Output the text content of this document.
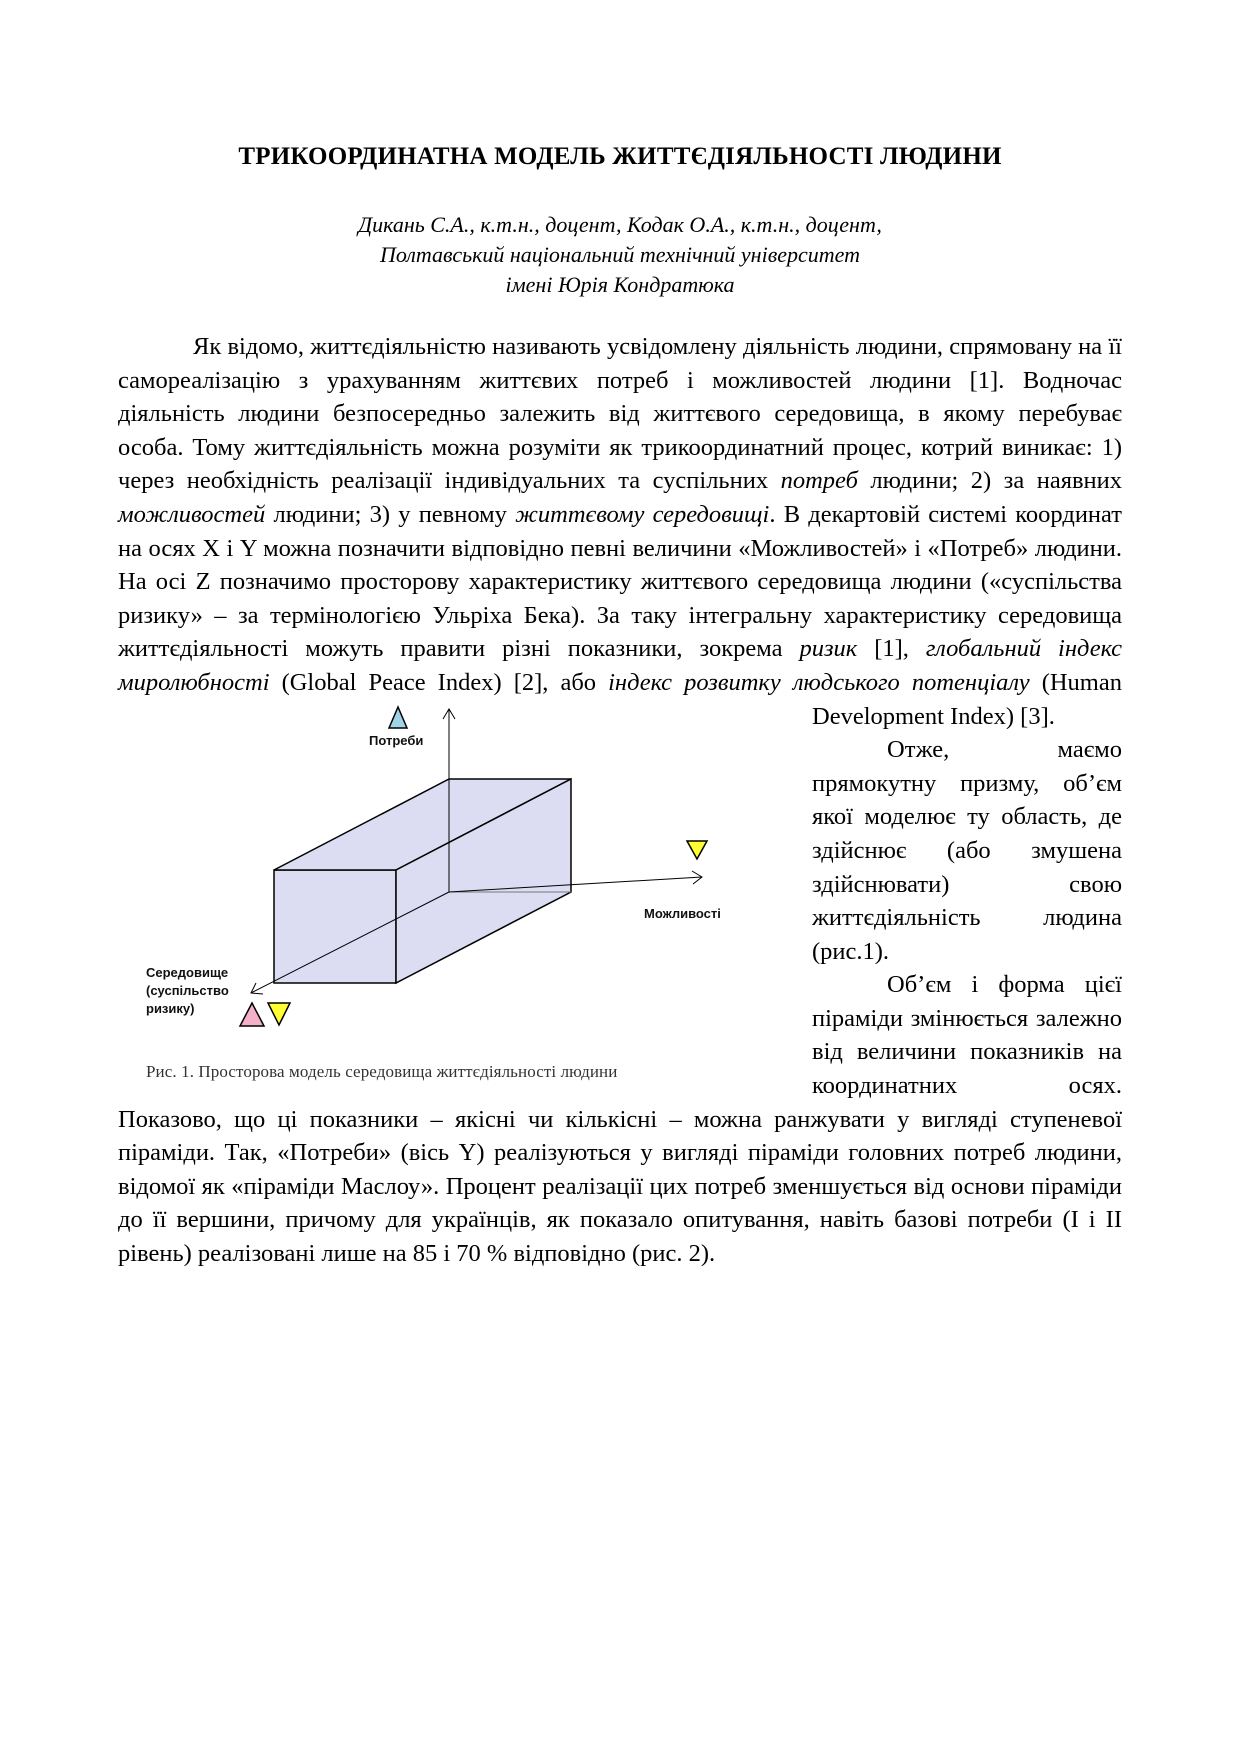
ТРИКООРДИНАТНА МОДЕЛЬ ЖИТТЄДІЯЛЬНОСТІ ЛЮДИНИ
Дикань С.А., к.т.н., доцент, Кодак О.А., к.т.н., доцент,
Полтавський національний технічний університет
імені Юрія Кондратюка

Як відомо, життєдіяльністю називають усвідомлену діяльність людини, спрямовану на її самореалізацію з урахуванням життєвих потреб і можливостей людини [1]. Водночас діяльність людини безпосередньо залежить від життєвого середовища, в якому перебуває особа. Тому життєдіяльність можна розуміти як трикоординатний процес, котрий виникає: 1) через необхідність реалізації індивідуальних та суспільних потреб людини; 2) за наявних можливостей людини; 3) у певному життєвому середовищі. В декартовій системі координат на осях X і Y можна позначити відповідно певні величини «Можливостей» і «Потреб» людини. На осі Z позначимо просторову характеристику життєвого середовища людини («суспільства ризику» – за термінологією Ульріха Бека). За таку інтегральну характеристику середовища життєдіяльності можуть правити різні показники, зокрема ризик [1], глобальний індекс миролюбності (Global Peace Index) [2], або індекс розвитку людського потенціалу (Human

Потреби
Можливості
Середовище
(суспільство
ризику)
Рис. 1. Просторова модель середовища життєдіяльності людини

Development Index) [3].

Отже, маємо прямокутну призму, об’єм якої моделює ту область, де здійснює (або змушена здійснювати) свою життєдіяльність людина (рис.1).

Об’єм і форма цієї піраміди змінюється залежно від величини показників на координатних осях.

Показово, що ці показники – якісні чи кількісні – можна ранжувати у вигляді ступеневої піраміди. Так, «Потреби» (вісь Y) реалізуються у вигляді піраміди головних потреб людини, відомої як «піраміди Маслоу». Процент реалізації цих потреб зменшується від основи піраміди до її вершини, причому для українців, як показало опитування, навіть базові потреби (І і ІІ рівень) реалізовані лише на 85 і 70 % відповідно (рис. 2).
